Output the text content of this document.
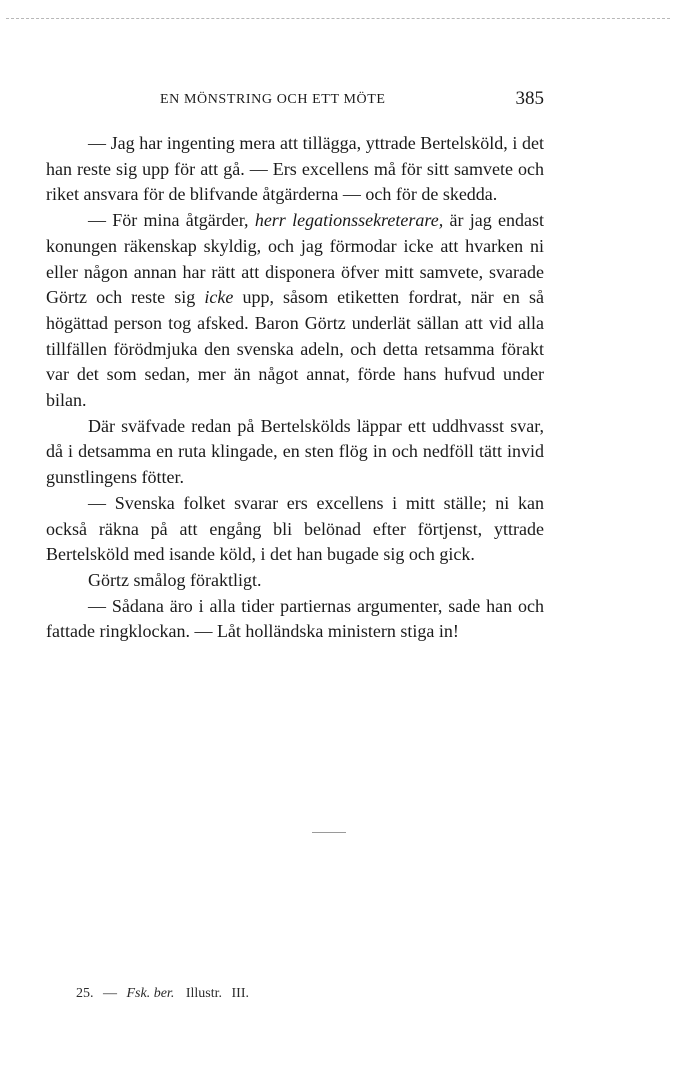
EN MÖNSTRING OCH ETT MÖTE	385

— Jag har ingenting mera att tillägga, yttrade Bertelsköld, i det han reste sig upp för att gå. — Ers excellens må för sitt samvete och riket ansvara för de blifvande åtgärderna — och för de skedda.

— För mina åtgärder, herr legationssekreterare, är jag endast konungen räkenskap skyldig, och jag förmodar icke att hvarken ni eller någon annan har rätt att disponera öfver mitt samvete, svarade Görtz och reste sig icke upp, såsom etiketten fordrat, när en så högättad person tog afsked. Baron Görtz underlät sällan att vid alla tillfällen förödmjuka den svenska adeln, och detta retsamma förakt var det som sedan, mer än något annat, förde hans hufvud under bilan.

Där sväfvade redan på Bertelskölds läppar ett uddhvasst svar, då i detsamma en ruta klingade, en sten flög in och nedföll tätt invid gunstlingens fötter.

— Svenska folket svarar ers excellens i mitt ställe; ni kan också räkna på att engång bli belönad efter förtjenst, yttrade Bertelsköld med isande köld, i det han bugade sig och gick.

Görtz smålog föraktligt.

— Sådana äro i alla tider partiernas argumenter, sade han och fattade ringklockan. — Låt holländska ministern stiga in!

25. — Fsk. ber. Illustr. III.
